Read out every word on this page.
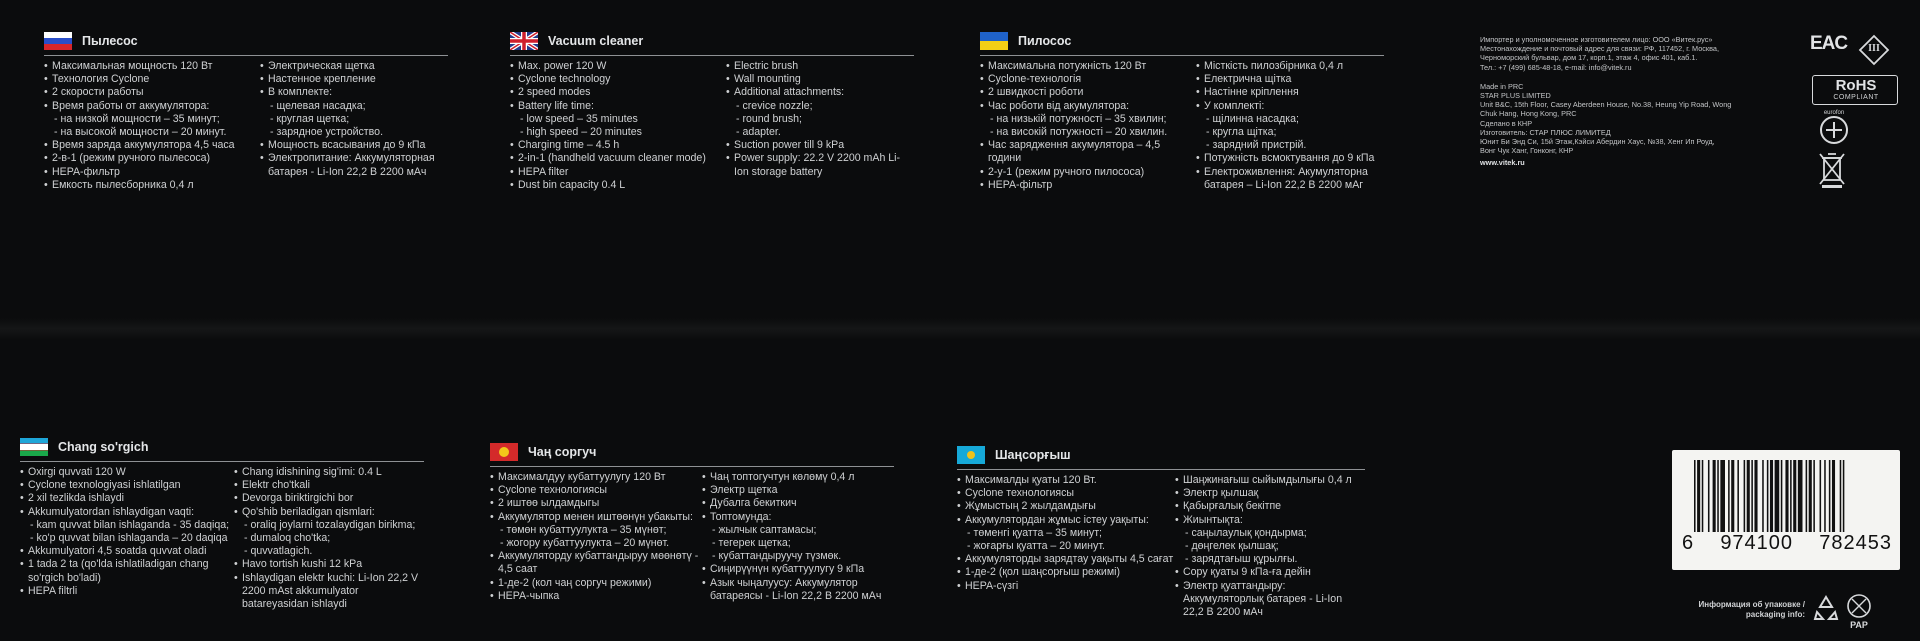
Пылесос
• Максимальная мощность 120 Вт
• Технология Cyclone
• 2 скорости работы
• Время работы от аккумулятора:
- на низкой мощности – 35 минут;
- на высокой мощности – 20 минут.
• Время заряда аккумулятора 4,5 часа
• 2-в-1 (режим ручного пылесоса)
• HEPA-фильтр
• Емкость пылесборника 0,4 л
• Электрическая щетка
• Настенное крепление
• В комплекте:
- щелевая насадка;
- круглая щетка;
- зарядное устройство.
• Мощность всасывания до 9 кПа
• Электропитание: Аккумуляторная батарея - Li-Ion 22,2 В 2200 мАч
Vacuum cleaner
• Max. power 120 W
• Cyclone technology
• 2 speed modes
• Battery life time:
- low speed – 35 minutes
- high speed – 20 minutes
• Charging time – 4.5 h
• 2-in-1 (handheld vacuum cleaner mode)
• HEPA filter
• Dust bin capacity 0.4 L
• Electric brush
• Wall mounting
• Additional attachments:
- crevice nozzle;
- round brush;
- adapter.
• Suction power till 9 kPa
• Power supply: 22.2 V 2200 mAh Li-Ion storage battery
Пилосос
• Максимальна потужність 120 Вт
• Cyclone-технологія
• 2 швидкості роботи
• Час роботи від акумулятора:
- на низькій потужності – 35 хвилин;
- на високій потужності – 20 хвилин.
• Час зарядження акумулятора – 4,5 години
• 2-у-1 (режим ручного пилососа)
• HEPA-фільтр
• Місткість пилозбірника 0,4 л
• Електрична щітка
• Настінне кріплення
• У комплекті:
- щілинна насадка;
- кругла щітка;
- зарядний пристрій.
• Потужність всмоктування до 9 кПа
• Електроживлення: Акумуляторна батарея – Li-Ion 22,2 В 2200 мАг
Chang so'rgich
• Oxirgi quvvati 120 W
• Cyclone texnologiyasi ishlatilgan
• 2 xil tezlikda ishlaydi
• Akkumulyatordan ishlaydigan vaqti:
- kam quvvat bilan ishlaganda - 35 daqiqa;
- ko'p quvvat bilan ishlaganda – 20 daqiqa
• Akkumulyatori 4,5 soatda quvvat oladi
• 1 tada 2 ta (qo'lda ishlatiladigan chang so'rgich bo'ladi)
• HEPA filtrli
• Chang idishining sig'imi: 0.4 L
• Elektr cho'tkali
• Devorga biriktirgichi bor
• Qo'shib beriladigan qismlari:
- oraliq joylarni tozalaydigan birikma;
- dumaloq cho'tka;
- quvvatlagich.
• Havo tortish kushi 12 kPa
• Ishlaydigan elektr kuchi: Li-Ion 22,2 V 2200 mAst akkumulyator batareyasidan ishlaydi
Чаң соргуч
• Максималдуу кубаттуулугу 120 Вт
• Cyclone технологиясы
• 2 иштөө ылдамдыгы
• Аккумулятор менен иштөөнүн убакыты:
- төмөн кубаттуулукта – 35 мүнөт;
- жогору кубаттуулукта – 20 мүнөт.
• Аккумуляторду кубаттандыруу мөөнөтү - 4,5 саат
• 1-де-2 (кол чаң соргуч режими)
• HEPA-чыпка
• Чаң топтогучтун көлөмү 0,4 л
• Электр щетка
• Дубалга бекиткич
• Топтомунда:
- жылчык саптамасы;
- тегерек щетка;
- кубаттандыруучу түзмөк.
• Сиңирүүнүн кубаттуулугу 9 кПа
• Азык чыңалуусу: Аккумулятор батареясы - Li-Ion 22,2 В 2200 мАч
Шаңсорғыш
• Максималды қуаты 120 Вт.
• Cyclone технологиясы
• Жұмыстың 2 жылдамдығы
• Аккумулятордан жұмыс істеу уақыты:
- төменгі қуатта – 35 минут;
- жоғарғы қуатта – 20 минут.
• Аккумуляторды зарядтау уақыты 4,5 сағат
• 1-де-2 (қол шаңсорғыш режимі)
• HEPA-сүзгі
• Шаңжинағыш сыйымдылығы 0,4 л
• Электр қылшақ
• Қабырғалық бекітпе
• Жиынтықта:
- саңылаулық қондырма;
- дөңгелек қылшақ;
- зарядтағыш құрылғы.
• Сору қуаты 9 кПа-ға дейін
• Электр қуаттандыру: Аккумуляторлық батарея - Li-Ion 22,2 В 2200 мАч

Импортер и уполномоченное изготовителем лицо: ООО «Витек.рус»

Местонахождение и почтовый адрес для связи: РФ, 117452, г. Москва,

Черноморский бульвар, дом 17, корп.1, этаж 4, офис 401, каб.1.

Тел.: +7 (499) 685-48-18, e-mail: info@vitek.ru

Made in PRC

STAR PLUS LIMITED

Unit B&C, 15th Floor, Casey Aberdeen House, No.38, Heung Yip Road, Wong

Chuk Hang, Hong Kong, PRC

Сделано в КНР

Изготовитель: СТАР ПЛЮС ЛИМИТЕД

Юнит Би Энд Си, 15й Этаж,Кэйси Абердин Хаус, №38, Хенг Ип Роуд,

Вонг Чук Ханг, Гонконг, КНР

www.vitek.ru

EAC	III
RoHS
COMPLIANT
eurofon
6 974100 782453
Информация об упаковке / packaging info:
PAP
